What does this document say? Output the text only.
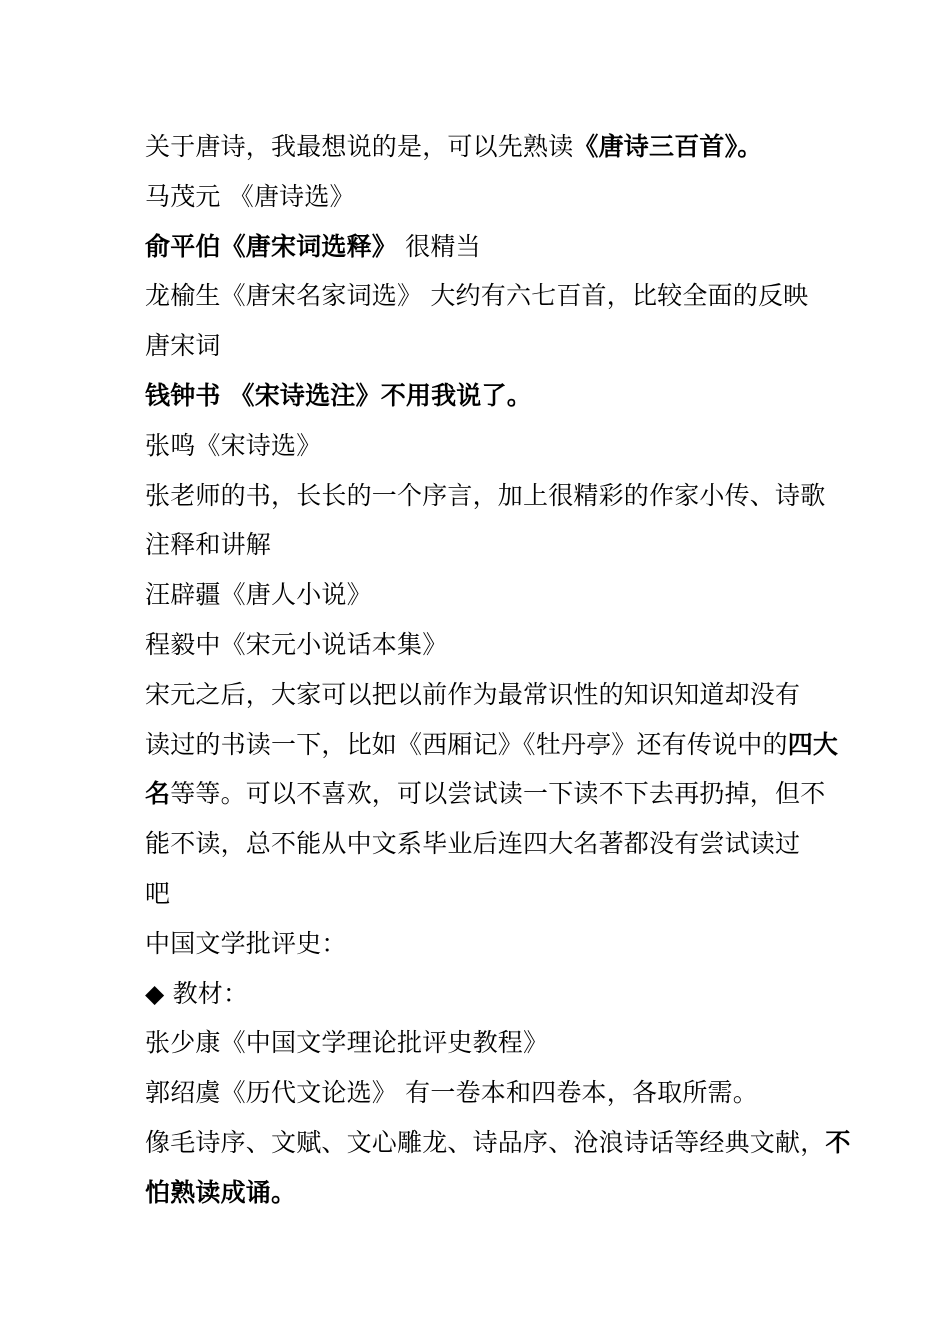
关于唐诗，我最想说的是，可以先熟读《唐诗三百首》。
马茂元 《唐诗选》
俞平伯《唐宋词选释》 很精当
龙榆生《唐宋名家词选》 大约有六七百首，比较全面的反映
唐宋词
钱钟书 《宋诗选注》不用我说了。
张鸣《宋诗选》
张老师的书，长长的一个序言，加上很精彩的作家小传、诗歌
注释和讲解
汪辟疆《唐人小说》
程毅中《宋元小说话本集》
宋元之后，大家可以把以前作为最常识性的知识知道却没有
读过的书读一下，比如《西厢记》《牡丹亭》还有传说中的四大
名等等。可以不喜欢，可以尝试读一下读不下去再扔掉，但不
能不读，总不能从中文系毕业后连四大名著都没有尝试读过
吧
中国文学批评史：
◆ 教材：
张少康《中国文学理论批评史教程》
郭绍虞《历代文论选》 有一卷本和四卷本，各取所需。
像毛诗序、文赋、文心雕龙、诗品序、沧浪诗话等经典文献，不
怕熟读成诵。
